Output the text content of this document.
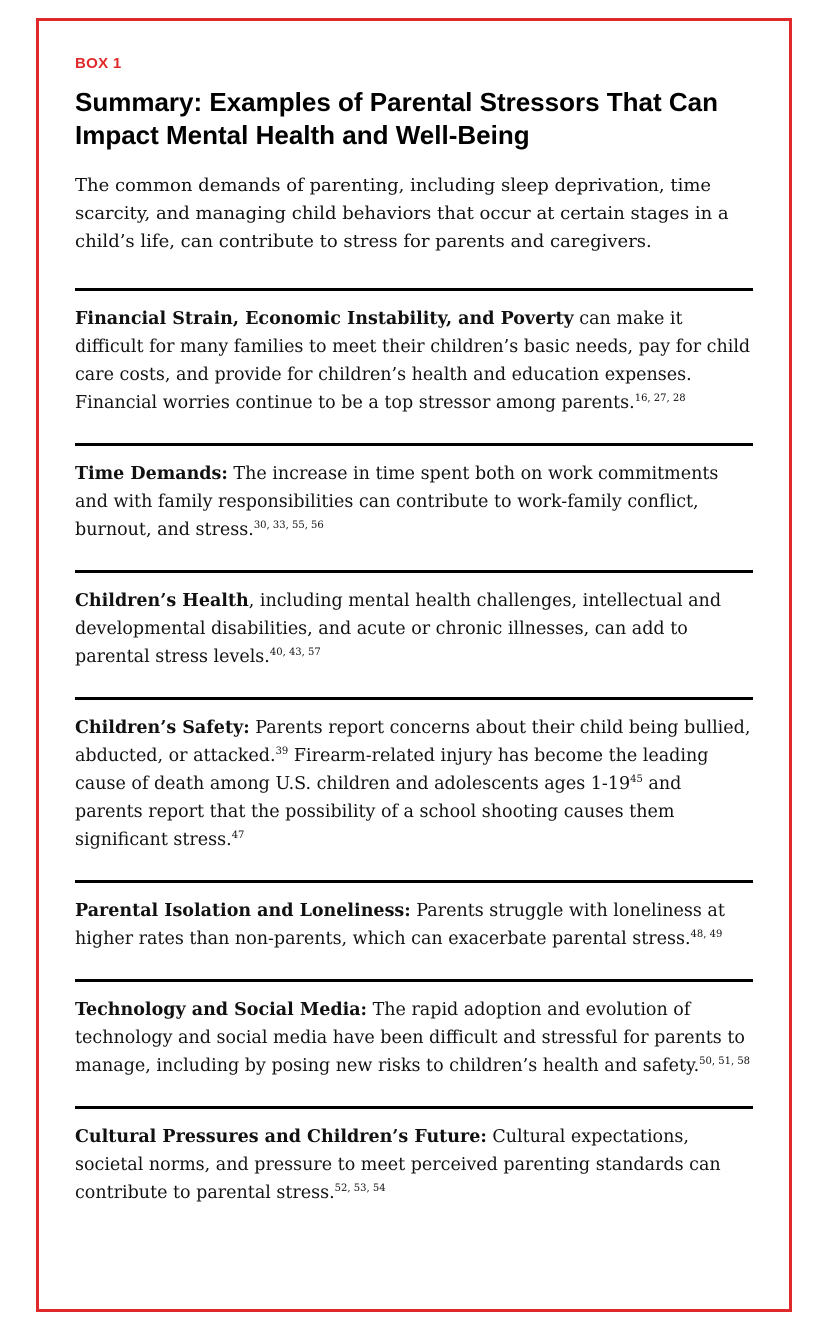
BOX 1
Summary: Examples of Parental Stressors That Can Impact Mental Health and Well-Being

The common demands of parenting, including sleep deprivation, time scarcity, and managing child behaviors that occur at certain stages in a child’s life, can contribute to stress for parents and caregivers.

Financial Strain, Economic Instability, and Poverty can make it difficult for many families to meet their children’s basic needs, pay for child care costs, and provide for children’s health and education expenses. Financial worries continue to be a top stressor among parents.$^{16, 27, 28}$

Time Demands: The increase in time spent both on work commitments and with family responsibilities can contribute to work-family conflict, burnout, and stress.$^{30, 33, 55, 56}$

Children’s Health, including mental health challenges, intellectual and developmental disabilities, and acute or chronic illnesses, can add to parental stress levels.$^{40, 43, 57}$

Children’s Safety: Parents report concerns about their child being bullied, abducted, or attacked.$^{39}$ Firearm-related injury has become the leading cause of death among U.S. children and adolescents ages $1-19^{45}$ and parents report that the possibility of a school shooting causes them significant stress.$^{47}$

Parental Isolation and Loneliness: Parents struggle with loneliness at higher rates than non-parents, which can exacerbate parental stress.$^{48, 49}$

Technology and Social Media: The rapid adoption and evolution of technology and social media have been difficult and stressful for parents to manage, including by posing new risks to children’s health and safety.$^{50, 51, 58}$

Cultural Pressures and Children’s Future: Cultural expectations, societal norms, and pressure to meet perceived parenting standards can contribute to parental stress.$^{52, 53, 54}$
